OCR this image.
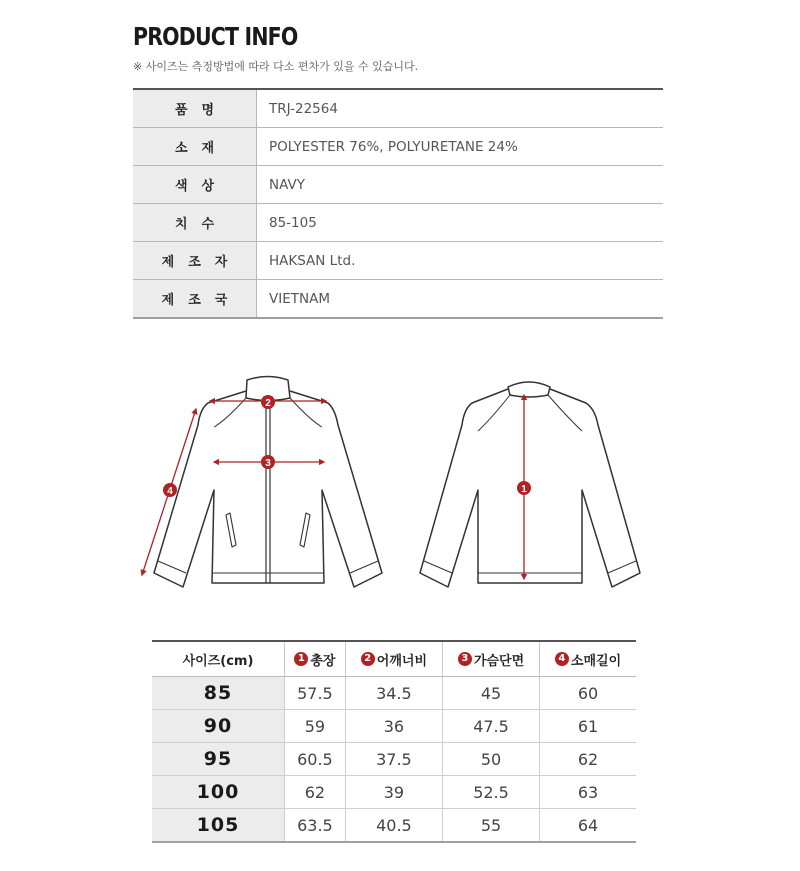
PRODUCT INFO
※ 사이즈는 측정방법에 따라 다소 편차가 있을 수 있습니다.
품명	TRJ-22564
소재	POLYESTER 76%, POLYURETANE 24%
색상	NAVY
치수	85-105
제조자	HAKSAN Ltd.
제조국	VIETNAM
2
3
4	1
사이즈(cm)	1 총장	2 어깨너비	3 가슴단면	4 소매길이
85	57.5	34.5	45	60
90	59	36	47.5	61
95	60.5	37.5	50	62
100	62	39	52.5	63
105	63.5	40.5	55	64
